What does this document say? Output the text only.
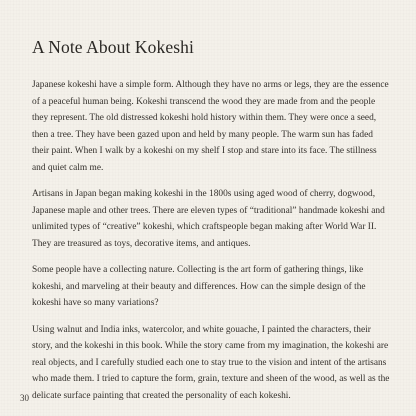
A Note About Kokeshi

Japanese kokeshi have a simple form. Although they have no arms or legs, they are the essence of a peaceful human being. Kokeshi transcend the wood they are made from and the people they represent. The old distressed kokeshi hold history within them. They were once a seed, then a tree. They have been gazed upon and held by many people. The warm sun has faded their paint. When I walk by a kokeshi on my shelf I stop and stare into its face. The stillness and quiet calm me.

Artisans in Japan began making kokeshi in the 1800s using aged wood of cherry, dogwood, Japanese maple and other trees. There are eleven types of “traditional” handmade kokeshi and unlimited types of “creative” kokeshi, which craftspeople began making after World War II. They are treasured as toys, decorative items, and antiques.

Some people have a collecting nature. Collecting is the art form of gathering things, like kokeshi, and marveling at their beauty and differences. How can the simple design of the kokeshi have so many variations?

Using walnut and India inks, watercolor, and white gouache, I painted the characters, their story, and the kokeshi in this book. While the story came from my imagination, the kokeshi are real objects, and I carefully studied each one to stay true to the vision and intent of the artisans who made them. I tried to capture the form, grain, texture and sheen of the wood, as well as the delicate surface painting that created the personality of each kokeshi.

30
